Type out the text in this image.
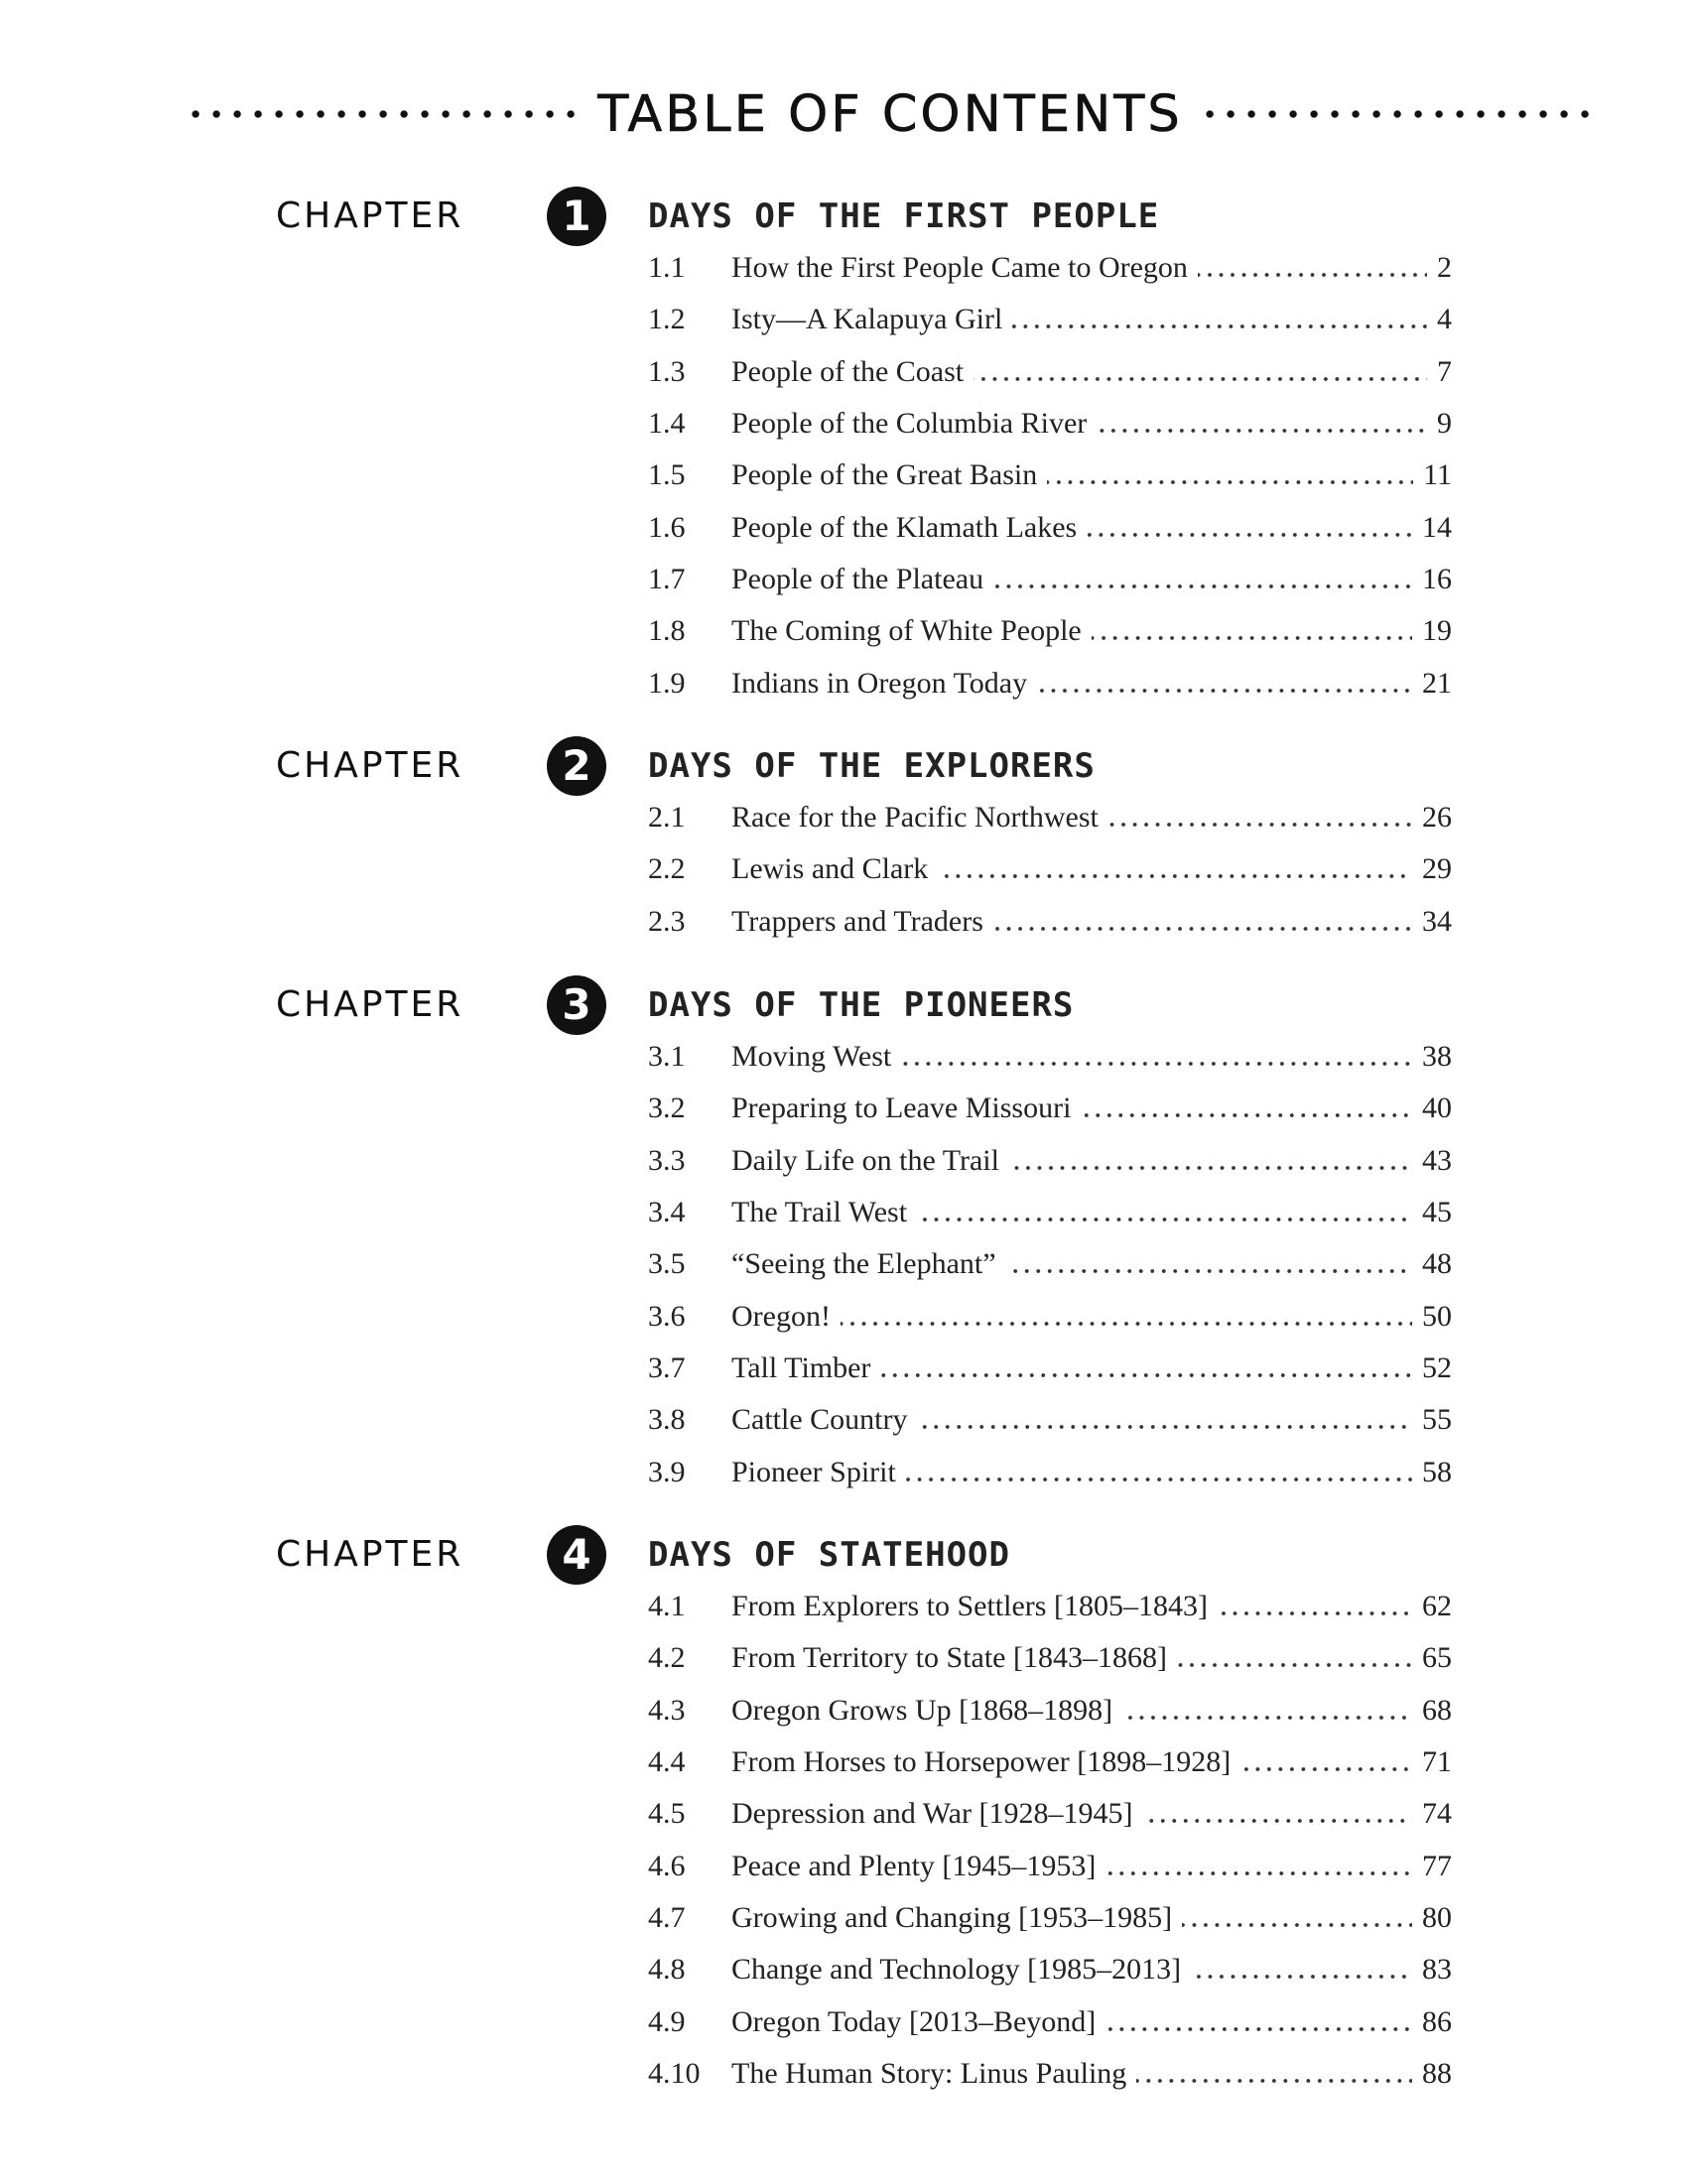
TABLE OF CONTENTS
CHAPTER	1	DAYS OF THE FIRST PEOPLE
1.1	How the First People Came to Oregon	2
1.2	Isty—A Kalapuya Girl	4
1.3	People of the Coast	7
1.4	People of the Columbia River	9
1.5	People of the Great Basin	11
1.6	People of the Klamath Lakes	14
1.7	People of the Plateau	16
1.8	The Coming of White People	19
1.9	Indians in Oregon Today	21
CHAPTER	2	DAYS OF THE EXPLORERS
2.1	Race for the Pacific Northwest	26
2.2	Lewis and Clark	29
2.3	Trappers and Traders	34
CHAPTER	3	DAYS OF THE PIONEERS
3.1	Moving West	38
3.2	Preparing to Leave Missouri	40
3.3	Daily Life on the Trail	43
3.4	The Trail West	45
3.5	“Seeing the Elephant”	48
3.6	Oregon!	50
3.7	Tall Timber	52
3.8	Cattle Country	55
3.9	Pioneer Spirit	58
CHAPTER	4	DAYS OF STATEHOOD
4.1	From Explorers to Settlers [1805–1843]	62
4.2	From Territory to State [1843–1868]	65
4.3	Oregon Grows Up [1868–1898]	68
4.4	From Horses to Horsepower [1898–1928]	71
4.5	Depression and War [1928–1945]	74
4.6	Peace and Plenty [1945–1953]	77
4.7	Growing and Changing [1953–1985]	80
4.8	Change and Technology [1985–2013]	83
4.9	Oregon Today [2013–Beyond]	86
4.10	The Human Story: Linus Pauling	88
